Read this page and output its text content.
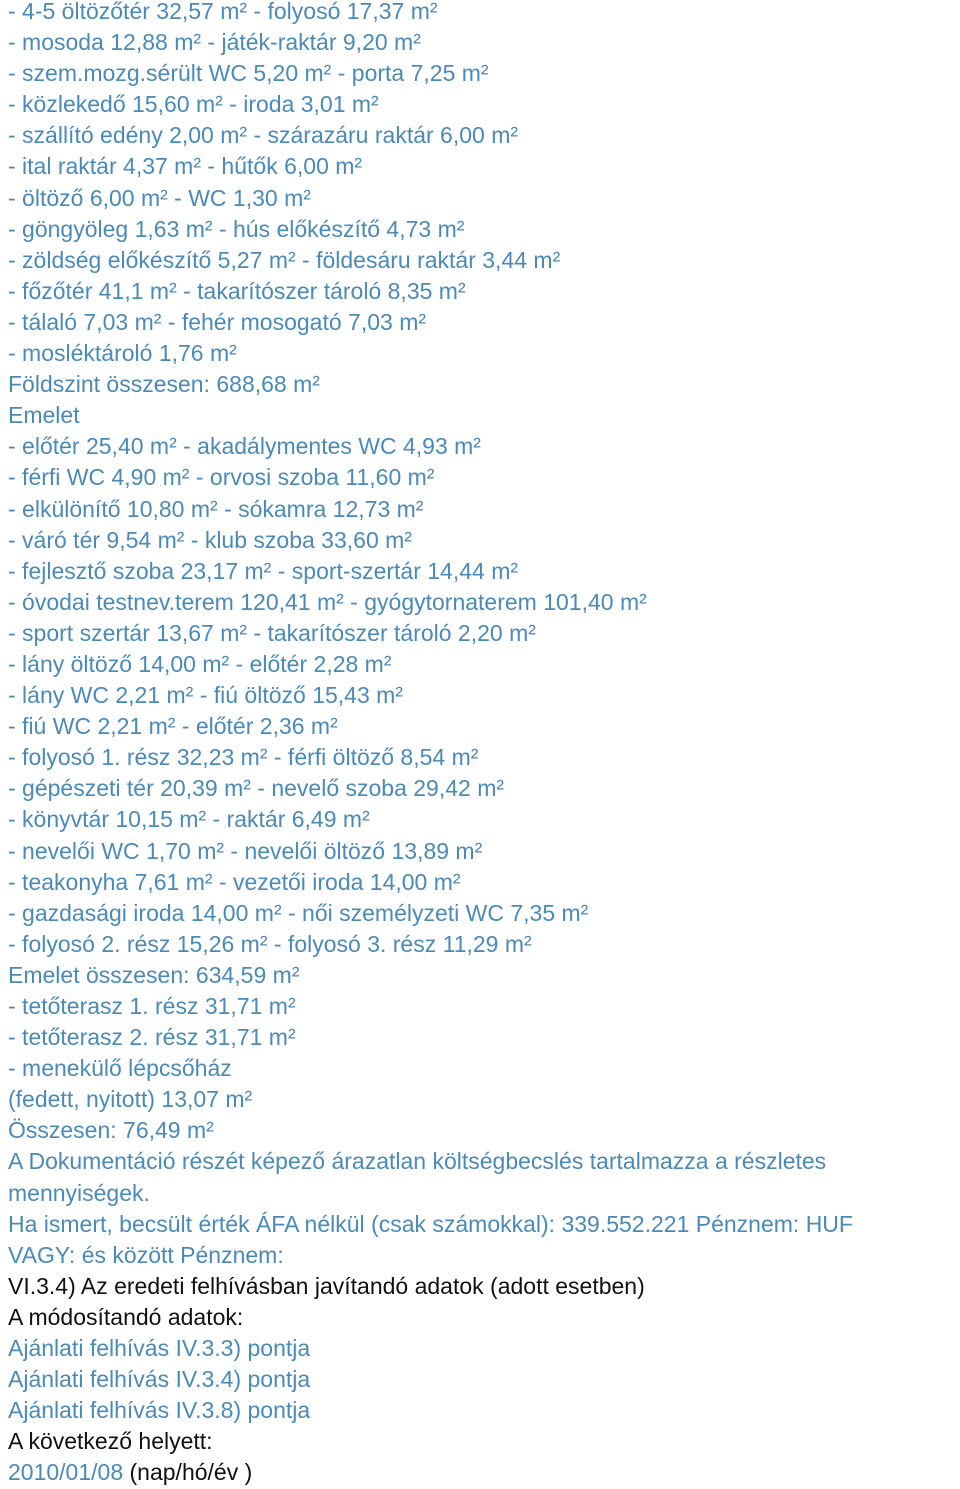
- 4-5 öltözőtér 32,57 m² - folyosó 17,37 m²
- mosoda 12,88 m² - játék-raktár 9,20 m²
- szem.mozg.sérült WC 5,20 m² - porta 7,25 m²
- közlekedő 15,60 m² - iroda 3,01 m²
- szállító edény 2,00 m² - szárazáru raktár 6,00 m²
- ital raktár 4,37 m² - hűtők 6,00 m²
- öltöző 6,00 m² - WC 1,30 m²
- göngyöleg 1,63 m² - hús előkészítő 4,73 m²
- zöldség előkészítő 5,27 m² - földesáru raktár 3,44 m²
- főzőtér 41,1 m² - takarítószer tároló 8,35 m²
- tálaló 7,03 m² - fehér mosogató 7,03 m²
- mosléktároló 1,76 m²
Földszint összesen: 688,68 m²
Emelet
- előtér 25,40 m² - akadálymentes WC 4,93 m²
- férfi WC 4,90 m² - orvosi szoba 11,60 m²
- elkülönítő 10,80 m² - sókamra 12,73 m²
- váró tér 9,54 m² - klub szoba 33,60 m²
- fejlesztő szoba 23,17 m² - sport-szertár 14,44 m²
- óvodai testnev.terem 120,41 m² - gyógytornaterem 101,40 m²
- sport szertár 13,67 m² - takarítószer tároló 2,20 m²
- lány öltöző 14,00 m² - előtér 2,28 m²
- lány WC 2,21 m² - fiú öltöző 15,43 m²
- fiú WC 2,21 m² - előtér 2,36 m²
- folyosó 1. rész 32,23 m² - férfi öltöző 8,54 m²
- gépészeti tér 20,39 m² - nevelő szoba 29,42 m²
- könyvtár 10,15 m² - raktár 6,49 m²
- nevelői WC 1,70 m² - nevelői öltöző 13,89 m²
- teakonyha 7,61 m² - vezetői iroda 14,00 m²
- gazdasági iroda 14,00 m² - női személyzeti WC 7,35 m²
- folyosó 2. rész 15,26 m² - folyosó 3. rész 11,29 m²
Emelet összesen: 634,59 m²
- tetőterasz 1. rész 31,71 m²
- tetőterasz 2. rész 31,71 m²
- menekülő lépcsőház
(fedett, nyitott) 13,07 m²
Összesen: 76,49 m²
A Dokumentáció részét képező árazatlan költségbecslés tartalmazza a részletes
mennyiségek.
Ha ismert, becsült érték ÁFA nélkül (csak számokkal): 339.552.221 Pénznem: HUF
VAGY: és között Pénznem:
VI.3.4) Az eredeti felhívásban javítandó adatok (adott esetben)
A módosítandó adatok:
Ajánlati felhívás IV.3.3) pontja
Ajánlati felhívás IV.3.4) pontja
Ajánlati felhívás IV.3.8) pontja
A következő helyett:
2010/01/08 (nap/hó/év )
